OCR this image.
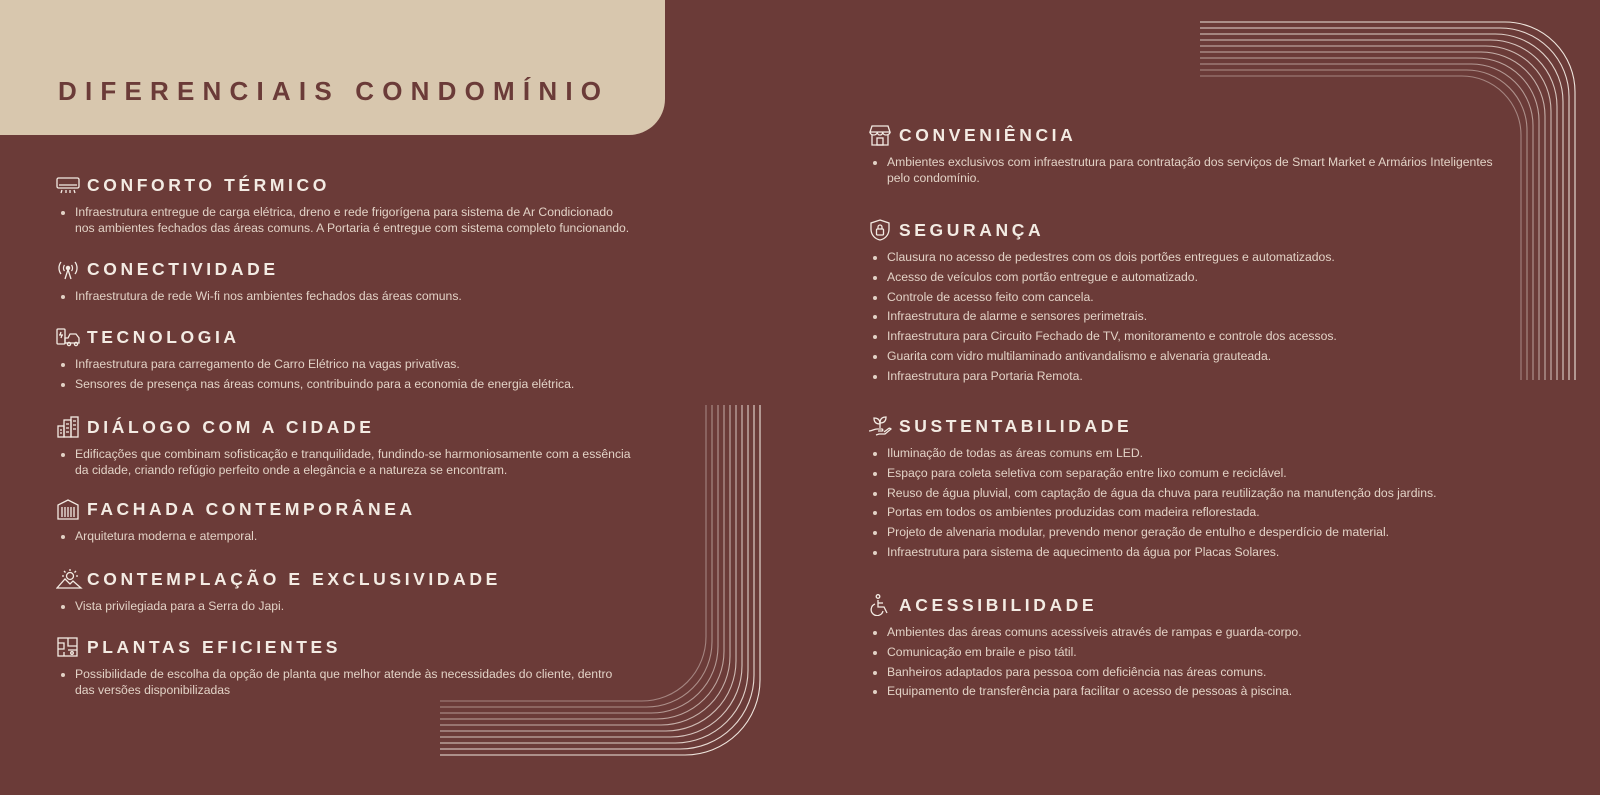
DIFERENCIAIS CONDOMÍNIO
CONFORTO TÉRMICO
Infraestrutura entregue de carga elétrica, dreno e rede frigorígena para sistema de Ar Condicionado nos ambientes fechados das áreas comuns. A Portaria é entregue com sistema completo funcionando.
CONECTIVIDADE
Infraestrutura de rede Wi-fi nos ambientes fechados das áreas comuns.
TECNOLOGIA
Infraestrutura para carregamento de Carro Elétrico na vagas privativas.
Sensores de presença nas áreas comuns, contribuindo para a economia de energia elétrica.
DIÁLOGO COM A CIDADE
Edificações que combinam sofisticação e tranquilidade, fundindo-se harmoniosamente com a essência da cidade, criando refúgio perfeito onde a elegância e a natureza se encontram.
FACHADA CONTEMPORÂNEA
Arquitetura moderna e atemporal.
CONTEMPLAÇÃO E EXCLUSIVIDADE
Vista privilegiada para a Serra do Japi.
PLANTAS EFICIENTES
Possibilidade de escolha da opção de planta que melhor atende às necessidades do cliente, dentro das versões disponibilizadas
CONVENIÊNCIA
Ambientes exclusivos com infraestrutura para contratação dos serviços de Smart Market e Armários Inteligentes pelo condomínio.
SEGURANÇA
Clausura no acesso de pedestres com os dois portões entregues e automatizados.
Acesso de veículos com portão entregue e automatizado.
Controle de acesso feito com cancela.
Infraestrutura de alarme e sensores perimetrais.
Infraestrutura para Circuito Fechado de TV, monitoramento e controle dos acessos.
Guarita com vidro multilaminado antivandalismo e alvenaria grauteada.
Infraestrutura para Portaria Remota.
SUSTENTABILIDADE
Iluminação de todas as áreas comuns em LED.
Espaço para coleta seletiva com separação entre lixo comum e reciclável.
Reuso de água pluvial, com captação de água da chuva para reutilização na manutenção dos jardins.
Portas em todos os ambientes produzidas com madeira reflorestada.
Projeto de alvenaria modular, prevendo menor geração de entulho e desperdício de material.
Infraestrutura para sistema de aquecimento da água por Placas Solares.
ACESSIBILIDADE
Ambientes das áreas comuns acessíveis através de rampas e guarda-corpo.
Comunicação em braile e piso tátil.
Banheiros adaptados para pessoa com deficiência nas áreas comuns.
Equipamento de transferência para facilitar o acesso de pessoas à piscina.
